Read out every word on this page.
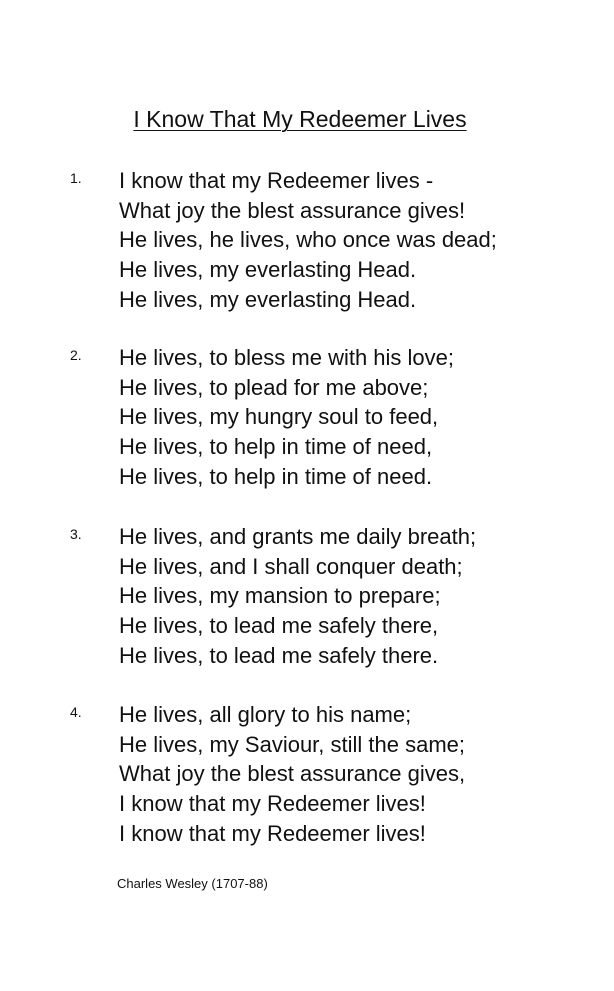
I Know That My Redeemer Lives
1. I know that my Redeemer lives -
What joy the blest assurance gives!
He lives, he lives, who once was dead;
He lives, my everlasting Head.
He lives, my everlasting Head.
2. He lives, to bless me with his love;
He lives, to plead for me above;
He lives, my hungry soul to feed,
He lives, to help in time of need,
He lives, to help in time of need.
3. He lives, and grants me daily breath;
He lives, and I shall conquer death;
He lives, my mansion to prepare;
He lives, to lead me safely there,
He lives, to lead me safely there.
4. He lives, all glory to his name;
He lives, my Saviour, still the same;
What joy the blest assurance gives,
I know that my Redeemer lives!
I know that my Redeemer lives!
Charles Wesley (1707-88)
